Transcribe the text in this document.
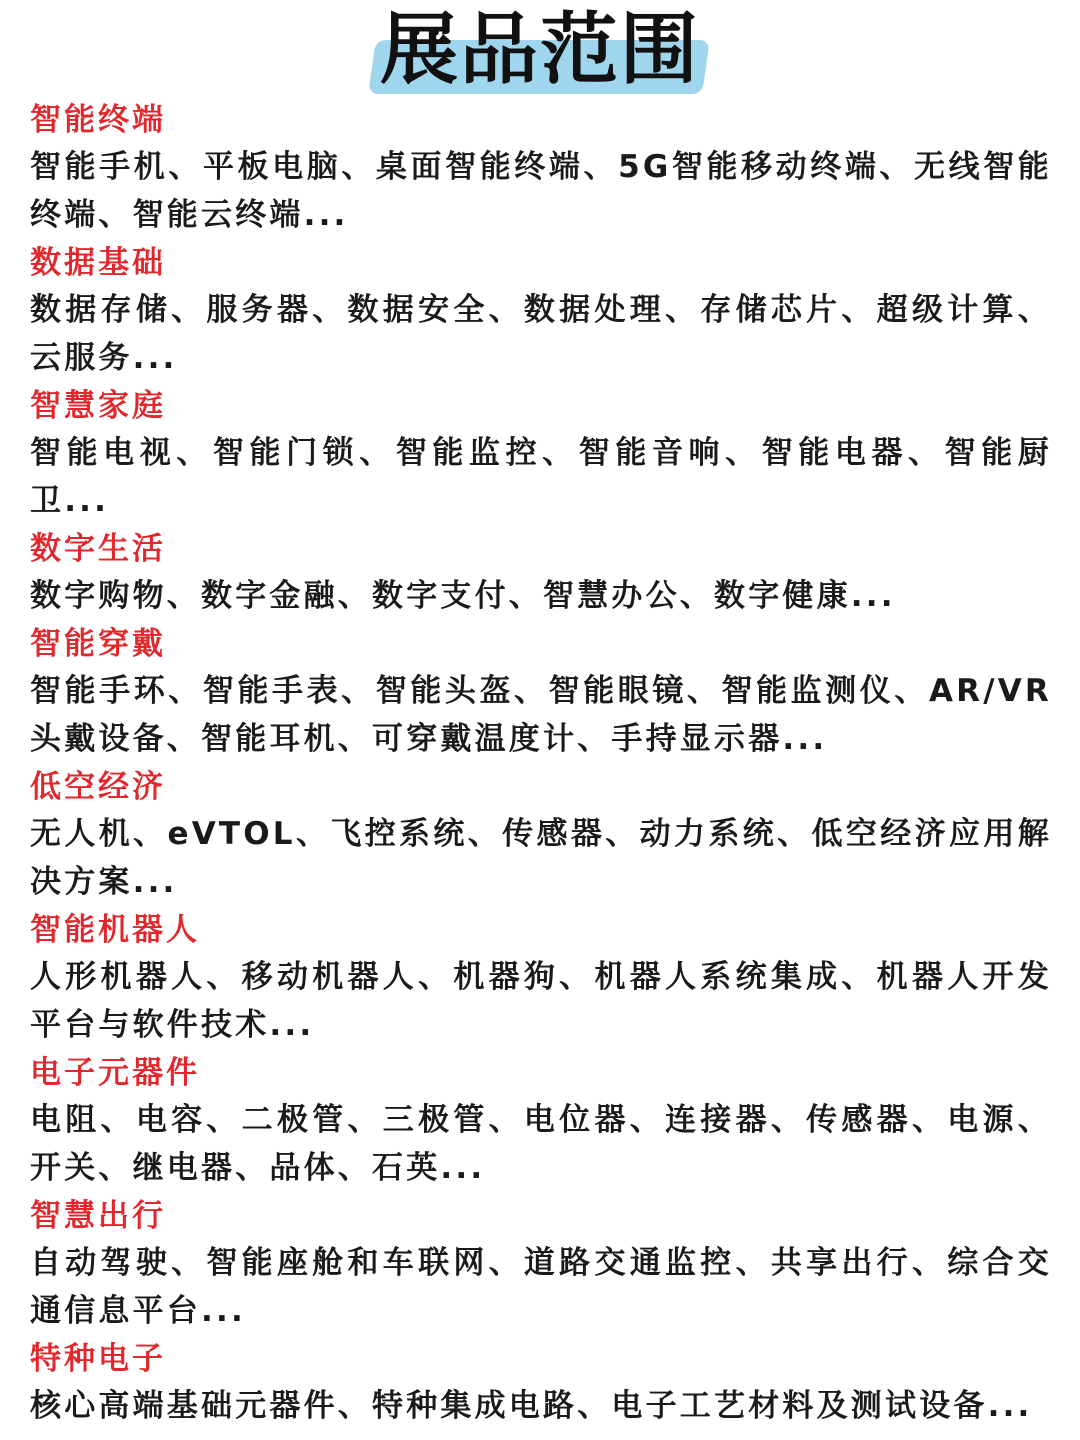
展品范围
智能终端
智能手机、平板电脑、桌面智能终端、5G智能移动终端、无线智能终端、智能云终端...
数据基础
数据存储、服务器、数据安全、数据处理、存储芯片、超级计算、云服务...
智慧家庭
智能电视、智能门锁、智能监控、智能音响、智能电器、智能厨卫...
数字生活
数字购物、数字金融、数字支付、智慧办公、数字健康...
智能穿戴
智能手环、智能手表、智能头盔、智能眼镜、智能监测仪、AR/VR头戴设备、智能耳机、可穿戴温度计、手持显示器...
低空经济
无人机、eVTOL、飞控系统、传感器、动力系统、低空经济应用解决方案...
智能机器人
人形机器人、移动机器人、机器狗、机器人系统集成、机器人开发平台与软件技术...
电子元器件
电阻、电容、二极管、三极管、电位器、连接器、传感器、电源、开关、继电器、品体、石英...
智慧出行
自动驾驶、智能座舱和车联网、道路交通监控、共享出行、综合交通信息平台...
特种电子
核心高端基础元器件、特种集成电路、电子工艺材料及测试设备...
